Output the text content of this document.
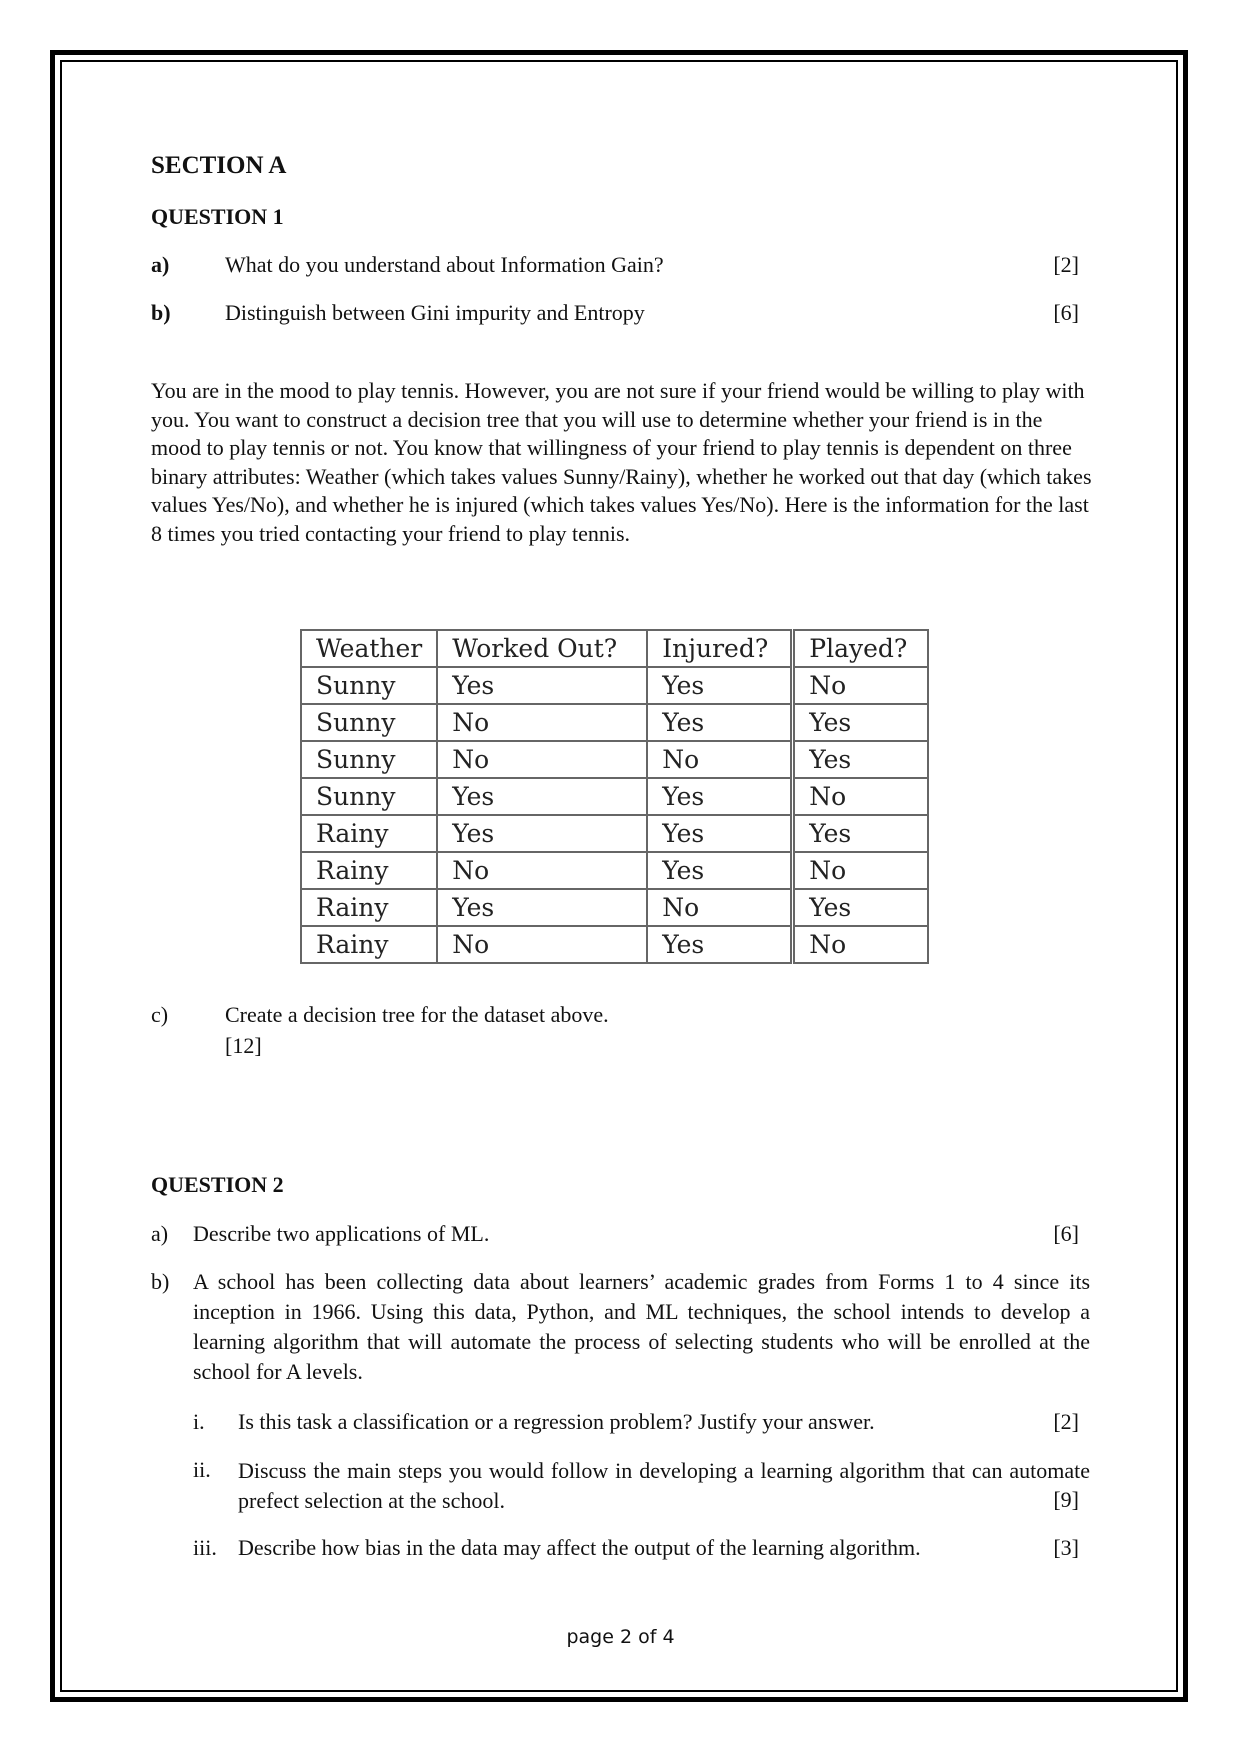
SECTION A
QUESTION 1
a)	What do you understand about Information Gain?	[2]
b) Distinguish between Gini impurity and Entropy	[6]
You are in the mood to play tennis. However, you are not sure if your friend would be willing to play with you. You want to construct a decision tree that you will use to determine whether your friend is in the mood to play tennis or not. You know that willingness of your friend to play tennis is dependent on three binary attributes: Weather (which takes values Sunny/Rainy), whether he worked out that day (which takes values Yes/No), and whether he is injured (which takes values Yes/No). Here is the information for the last 8 times you tried contacting your friend to play tennis.
Weather	Worked Out?	Injured?	Played?
Sunny	Yes	Yes	No
Sunny	No	Yes	Yes
Sunny	No	No	Yes
Sunny	Yes	Yes	No
Rainy	Yes	Yes	Yes
Rainy	No	Yes	No
Rainy	Yes	No	Yes
Rainy	No	Yes	No
c)	Create a decision tree for the dataset above.
[12]
QUESTION 2
a) Describe two applications of ML.	[6]
b) A school has been collecting data about learners’ academic grades from Forms 1 to 4 since its inception in 1966. Using this data, Python, and ML techniques, the school intends to develop a learning algorithm that will automate the process of selecting students who will be enrolled at the school for A levels.
i. Is this task a classification or a regression problem? Justify your answer.	[2]
ii. Discuss the main steps you would follow in developing a learning algorithm that can automate prefect selection at the school.	[9]
iii. Describe how bias in the data may affect the output of the learning algorithm.	[3]
page 2 of 4
